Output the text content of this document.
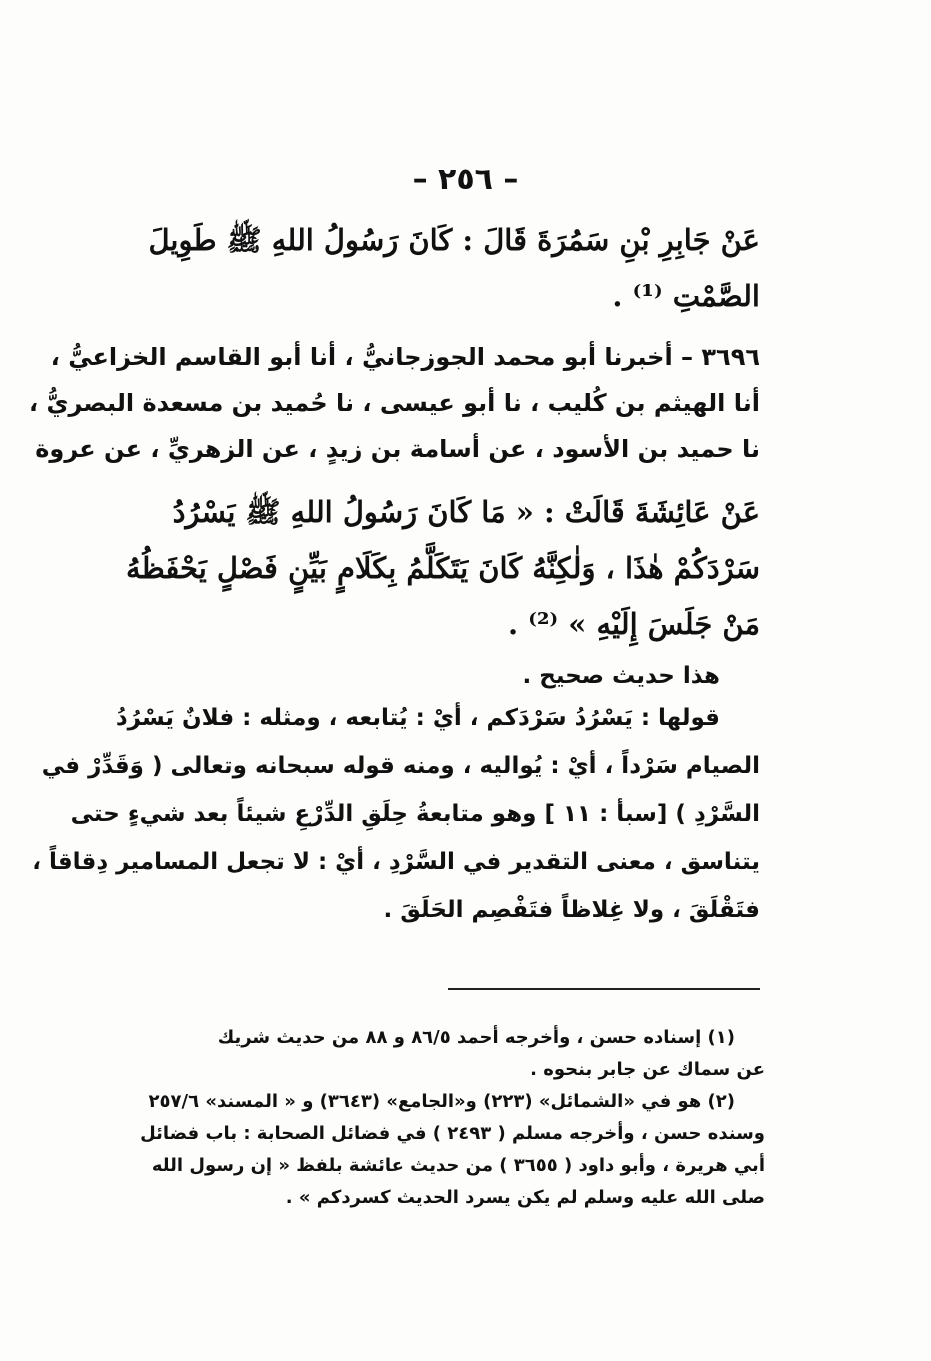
– ٢٥٦ –
عَنْ جَابِرِ بْنِ سَمُرَةَ قَالَ : كَانَ رَسُولُ اللهِ ﷺ طَوِيلَ
الصَّمْتِ ⁽¹⁾ .
٣٦٩٦ – أخبرنا أبو محمد الجوزجانيُّ ، أنا أبو القاسم الخزاعيُّ ،
أنا الهيثم بن كُليب ، نا أبو عيسى ، نا حُميد بن مسعدة البصريُّ ،
نا حميد بن الأسود ، عن أسامة بن زيدٍ ، عن الزهريِّ ، عن عروة
عَنْ عَائِشَةَ قَالَتْ : « مَا كَانَ رَسُولُ اللهِ ﷺ يَسْرُدُ
سَرْدَكُمْ هٰذَا ، وَلٰكِنَّهُ كَانَ يَتَكَلَّمُ بِكَلَامٍ بَيِّنٍ فَصْلٍ يَحْفَظُهُ
مَنْ جَلَسَ إِلَيْهِ » ⁽²⁾ .
هذا حديث صحيح .
قولها : يَسْرُدُ سَرْدَكم ، أيْ : يُتابعه ، ومثله : فلانٌ يَسْرُدُ
الصيام سَرْداً ، أيْ : يُواليه ، ومنه قوله سبحانه وتعالى ( وَقَدِّرْ في
السَّرْدِ ) [سبأ : ١١ ] وهو متابعةُ حِلَقِ الدِّرْعِ شيئاً بعد شيءٍ حتى
يتناسق ، معنى التقدير في السَّرْدِ ، أيْ : لا تجعل المسامير دِقاقاً ،
فتَقْلَقَ ، ولا غِلاظاً فتَفْصِم الحَلَقَ .
(١) إسناده حسن ، وأخرجه أحمد ٨٦/٥ و ٨٨ من حديث شريك
عن سماك عن جابر بنحوه .
(٢) هو في «الشمائل» (٢٢٣) و«الجامع» (٣٦٤٣) و « المسند» ٢٥٧/٦
وسنده حسن ، وأخرجه مسلم ( ٢٤٩٣ ) في فضائل الصحابة : باب فضائل
أبي هريرة ، وأبو داود ( ٣٦٥٥ ) من حديث عائشة بلفظ « إن رسول الله
صلى الله عليه وسلم لم يكن يسرد الحديث كسردكم » .
